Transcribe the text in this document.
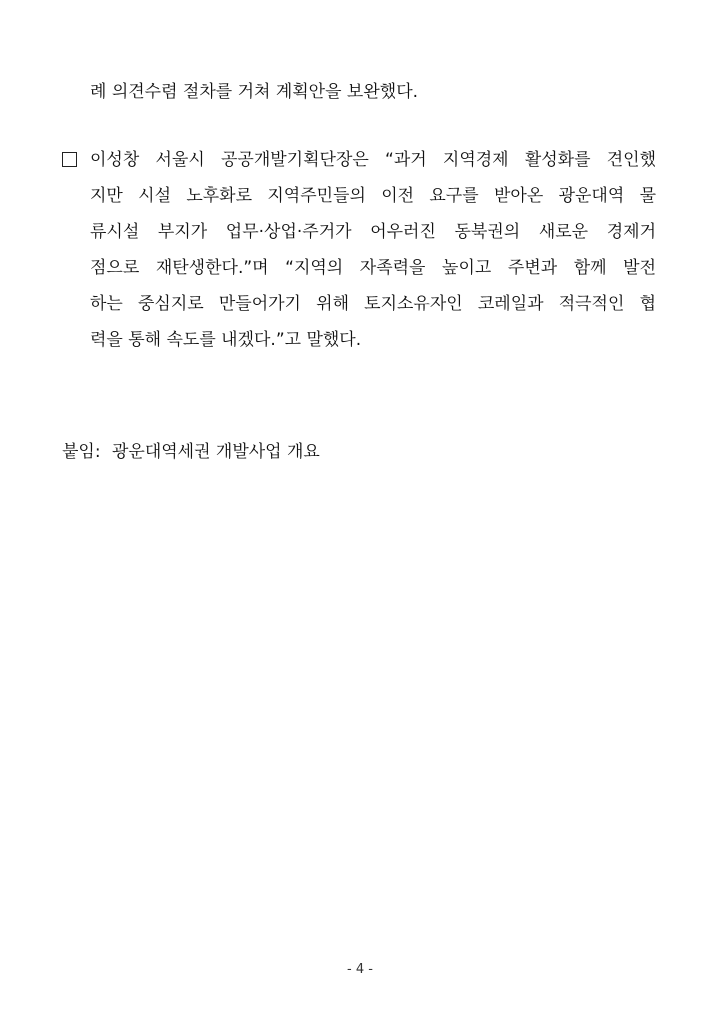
례 의견수렴 절차를 거쳐 계획안을 보완했다.
이성창 서울시 공공개발기획단장은 “과거 지역경제 활성화를 견인했
지만 시설 노후화로 지역주민들의 이전 요구를 받아온 광운대역 물
류시설 부지가 업무·상업·주거가 어우러진 동북권의 새로운 경제거
점으로 재탄생한다.”며 “지역의 자족력을 높이고 주변과 함께 발전
하는 중심지로 만들어가기 위해 토지소유자인 코레일과 적극적인 협
력을 통해 속도를 내겠다.”고 말했다.
붙임: 광운대역세권 개발사업 개요
- 4 -
